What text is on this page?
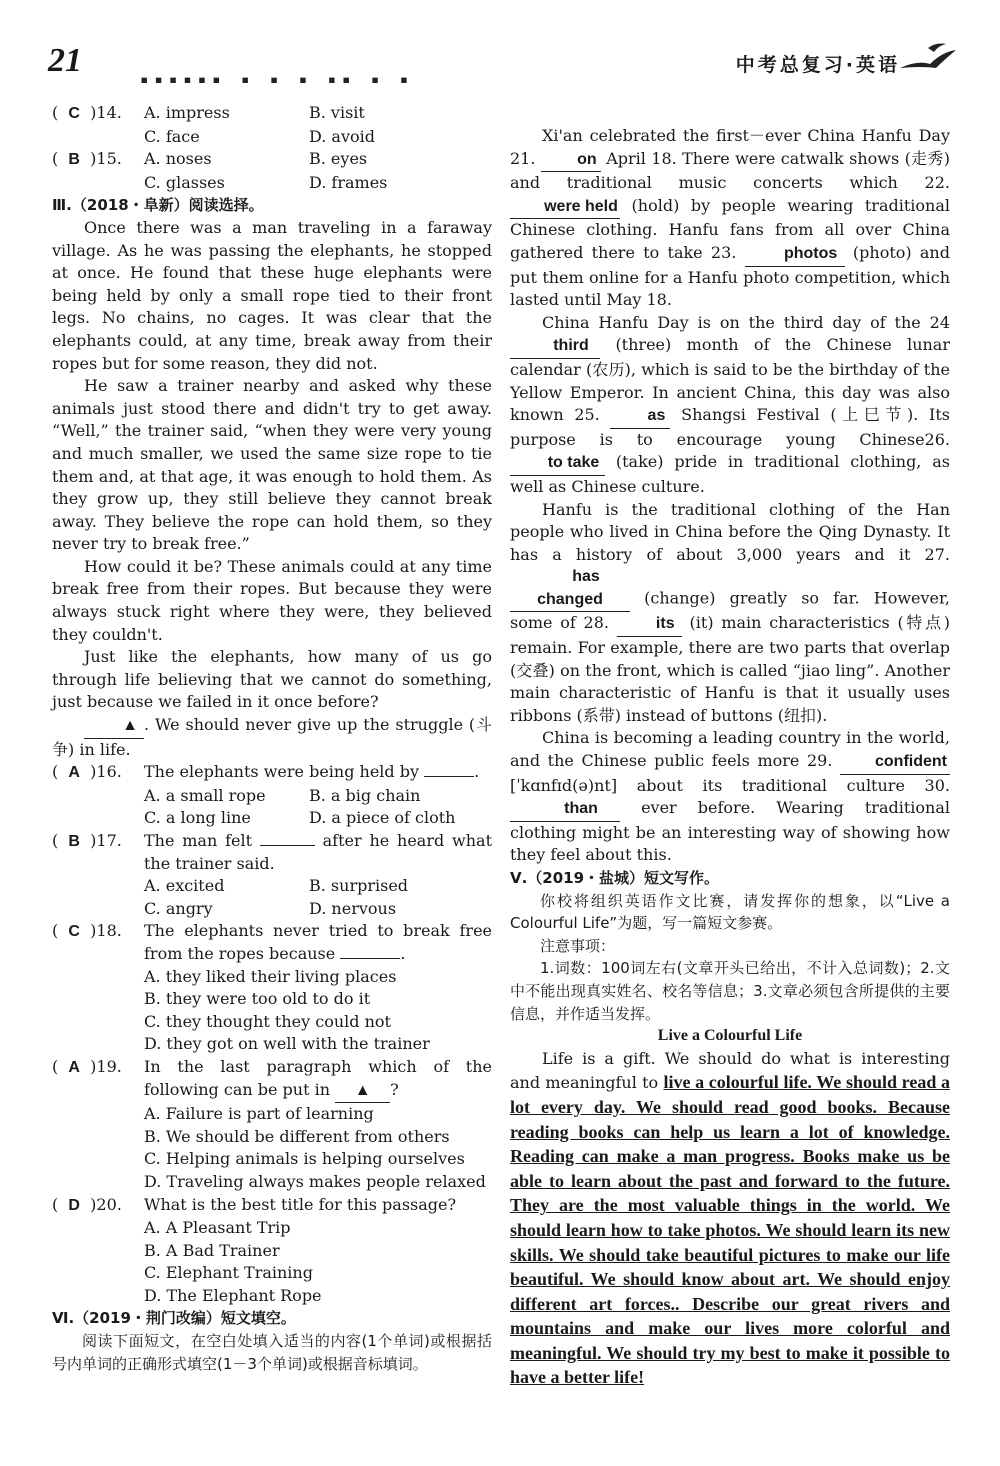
21
▪▪▪▪▪▪ ▪ ▪ ▪ ▪▪ ▪ ▪
中考总复习·英语
(  C  )14.	A. impress	B. visit
C. face	D. avoid
(  B  )15.	A. noses	B. eyes
C. glasses	D. frames
Ⅲ.（2018・阜新）阅读选择。

Once there was a man traveling in a faraway village. As he was passing the elephants, he stopped at once. He found that these huge elephants were being held by only a small rope tied to their front legs. No chains, no cages. It was clear that the elephants could, at any time, break away from their ropes but for some reason, they did not.

He saw a trainer nearby and asked why these animals just stood there and didn't try to get away. “Well,” the trainer said, “when they were very young and much smaller, we used the same size rope to tie them and, at that age, it was enough to hold them. As they grow up, they still believe they cannot break away. They believe the rope can hold them, so they never try to break free.”

How could it be? These animals could at any time break free from their ropes. But because they were always stuck right where they were, they believed they couldn't.

Just like the elephants, how many of us go through life believing that we cannot do something, just because we failed in it once before?

▲ . We should never give up the struggle (斗争) in life.

(  A  )16.	The elephants were being held by	.

A. a small rope	B. a big chain
C. a long line	D. a piece of cloth
(  B  )17.	The man felt	after he heard what the trainer said.

A. excited	B. surprised
C. angry	D. nervous
(  C  )18.	The elephants never tried to break free from the ropes because	.

A. they liked their living places
B. they were too old to do it
C. they thought they could not
D. they got on well with the trainer
(  A  )19.	In the last paragraph which of the following can be put in ▲ ?

A. Failure is part of learning
B. We should be different from others
C. Helping animals is helping ourselves
D. Traveling always makes people relaxed
(  D  )20.	What is the best title for this passage?
A. A Pleasant Trip
B. A Bad Trainer
C. Elephant Training
D. The Elephant Rope
Ⅵ.（2019・荆门改编）短文填空。

阅读下面短文，在空白处填入适当的内容(1个单词)或根据括号内单词的正确形式填空(1－3个单词)或根据音标填词。

Xi'an celebrated the first－ever China Hanfu Day 21.	on April 18. There were catwalk shows (走秀) and traditional music concerts which 22. were held (hold) by people wearing traditional Chinese clothing. Hanfu fans from all over China gathered there to take 23.	photos (photo) and put them online for a Hanfu photo competition, which lasted until May 18.

China Hanfu Day is on the third day of the 24 third (three) month of the Chinese lunar calendar (农历), which is said to be the birthday of the Yellow Emperor. In ancient China, this day was also known 25.	as Shangsi Festival (上巳节). Its purpose is to encourage young Chinese26. to take (take) pride in traditional clothing, as well as Chinese culture.

Hanfu is the traditional clothing of the Han people who lived in China before the Qing Dynasty. It has a history of about 3,000 years and it 27. has changed	(change) greatly so far. However, some of 28.	its (it) main characteristics (特点) remain. For example, there are two parts that overlap (交叠) on the front, which is called “jiao ling”. Another main characteristic of Hanfu is that it usually uses ribbons (系带) instead of buttons (纽扣).

China is becoming a leading country in the world, and the Chinese public feels more 29.	confident [ˈkɑnfɪd(ə)nt] about its traditional culture 30. than	ever before. Wearing traditional clothing might be an interesting way of showing how they feel about this.

Ⅴ.（2019・盐城）短文写作。

你校将组织英语作文比赛，请发挥你的想象，以“Live a Colourful Life”为题，写一篇短文参赛。

注意事项：

1.词数：100词左右(文章开头已给出，不计入总词数)；2.文中不能出现真实姓名、校名等信息；3.文章必须包含所提供的主要信息，并作适当发挥。

Live a Colourful Life

Life is a gift. We should do what is interesting and meaningful to live a colourful life. We should read a lot every day. We should read good books. Because reading books can help us learn a lot of knowledge. Reading can make a man progress. Books make us be able to learn about the past and forward to the future. They are the most valuable things in the world. We should learn how to take photos. We should learn its new skills. We should take beautiful pictures to make our life beautiful. We should know about art. We should enjoy different art forces.. Describe our great rivers and mountains and make our lives more colorful and meaningful. We should try my best to make it possible to have a better life!
